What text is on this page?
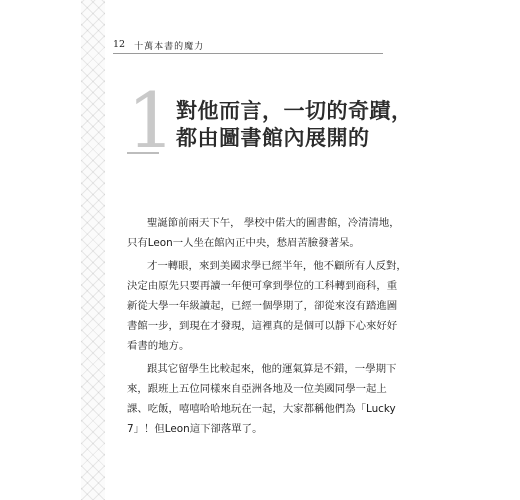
12 十萬本書的魔力
1 對他而言，一切的奇蹟，
都由圖書館內展開的
聖誕節前兩天下午， 學校中偌大的圖書館，冷清清地，
只有Leon一人坐在館內正中央，愁眉苦臉發著呆。
才一轉眼，來到美國求學已經半年，他不顧所有人反對，
決定由原先只要再讀一年便可拿到學位的工科轉到商科，重
新從大學一年級讀起，已經一個學期了，卻從來沒有踏進圖
書館一步，到現在才發現，這裡真的是個可以靜下心來好好
看書的地方。
跟其它留學生比較起來，他的運氣算是不錯，一學期下
來，跟班上五位同樣來自亞洲各地及一位美國同學一起上
課、吃飯，嘻嘻哈哈地玩在一起，大家都稱他們為「Lucky
7」！但Leon這下卻落單了。
